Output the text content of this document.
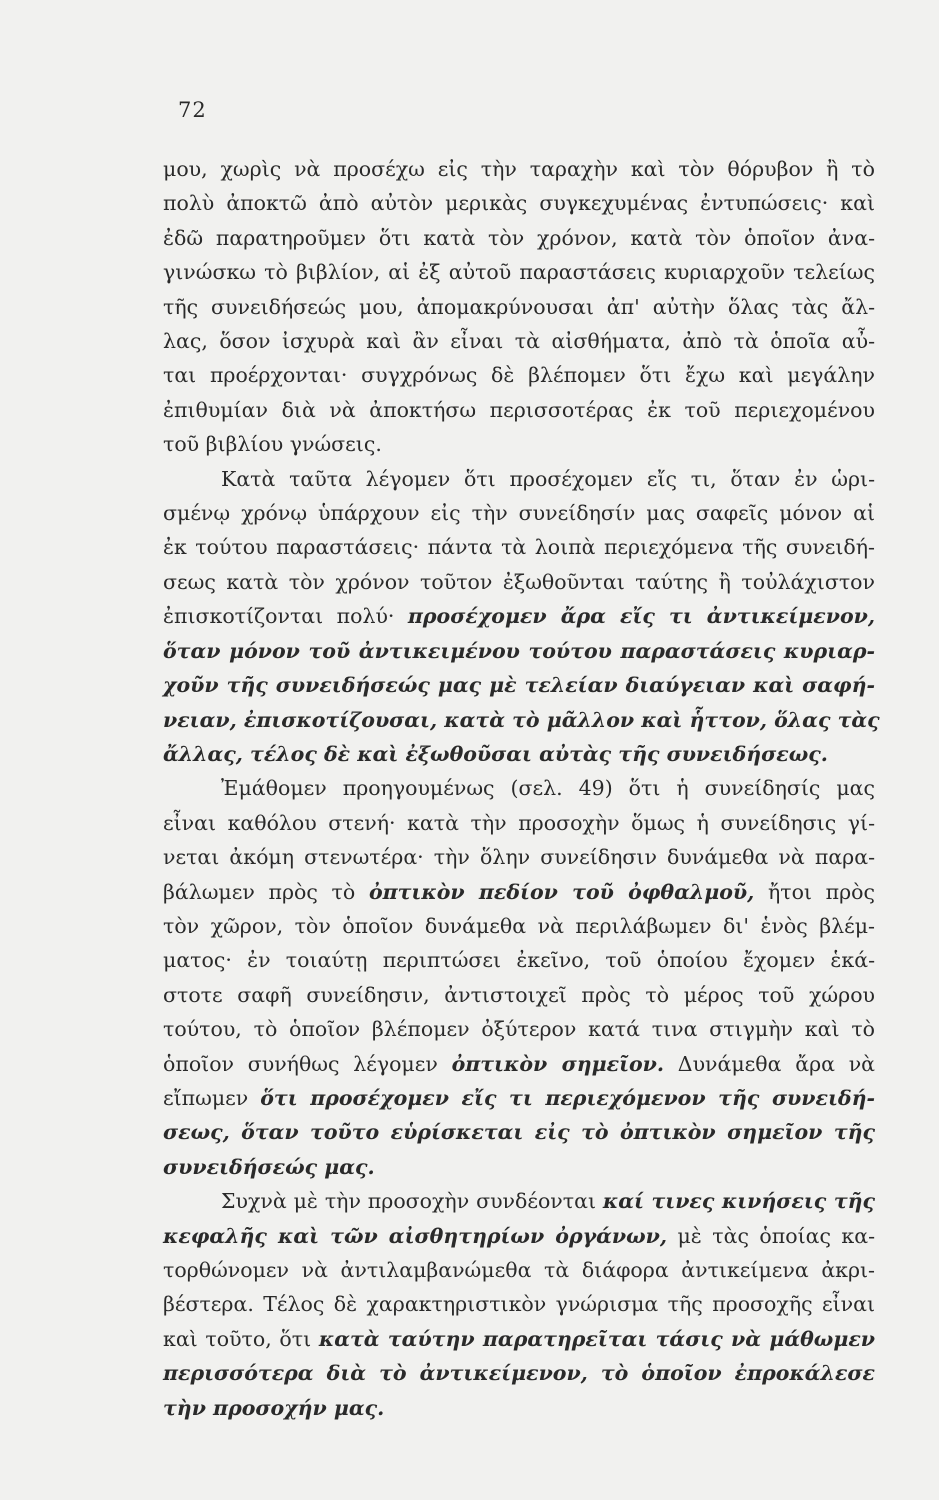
72
μου, χωρὶς νὰ προσέχω εἰς τὴν ταραχὴν καὶ τὸν θόρυβον ἢ τὸ
πολὺ ἀποκτῶ ἀπὸ αὐτὸν μερικὰς συγκεχυμένας ἐντυπώσεις· καὶ
ἐδῶ παρατηροῦμεν ὅτι κατὰ τὸν χρόνον, κατὰ τὸν ὁποῖον ἀνα-
γινώσκω τὸ βιβλίον, αἱ ἐξ αὐτοῦ παραστάσεις κυριαρχοῦν τελείως
τῆς συνειδήσεώς μου, ἀπομακρύνουσαι ἀπ' αὐτὴν ὅλας τὰς ἄλ-
λας, ὅσον ἰσχυρὰ καὶ ἂν εἶναι τὰ αἰσθήματα, ἀπὸ τὰ ὁποῖα αὖ-
ται προέρχονται· συγχρόνως δὲ βλέπομεν ὅτι ἔχω καὶ μεγάλην
ἐπιθυμίαν διὰ νὰ ἀποκτήσω περισσοτέρας ἐκ τοῦ περιεχομένου
τοῦ βιβλίου γνώσεις.
Κατὰ ταῦτα λέγομεν ὅτι προσέχομεν εἴς τι, ὅταν ἐν ὡρι-
σμένῳ χρόνῳ ὑπάρχουν εἰς τὴν συνείδησίν μας σαφεῖς μόνον αἱ
ἐκ τούτου παραστάσεις· πάντα τὰ λοιπὰ περιεχόμενα τῆς συνειδή-
σεως κατὰ τὸν χρόνον τοῦτον ἐξωθοῦνται ταύτης ἢ τοὐλάχιστον
ἐπισκοτίζονται πολύ· προσέχομεν ἄρα εἴς τι ἀντικείμενον,
ὅταν μόνον τοῦ ἀντικειμένου τούτου παραστάσεις κυριαρ-
χοῦν τῆς συνειδήσεώς μας μὲ τελείαν διαύγειαν καὶ σαφή-
νειαν, ἐπισκοτίζουσαι, κατὰ τὸ μᾶλλον καὶ ἧττον, ὅλας τὰς
ἄλλας, τέλος δὲ καὶ ἐξωθοῦσαι αὐτὰς τῆς συνειδήσεως.
Ἐμάθομεν προηγουμένως (σελ. 49) ὅτι ἡ συνείδησίς μας
εἶναι καθόλου στενή· κατὰ τὴν προσοχὴν ὅμως ἡ συνείδησις γί-
νεται ἀκόμη στενωτέρα· τὴν ὅλην συνείδησιν δυνάμεθα νὰ παρα-
βάλωμεν πρὸς τὸ ὀπτικὸν πεδίον τοῦ ὀφθαλμοῦ, ἤτοι πρὸς
τὸν χῶρον, τὸν ὁποῖον δυνάμεθα νὰ περιλάβωμεν δι' ἑνὸς βλέμ-
ματος· ἐν τοιαύτῃ περιπτώσει ἐκεῖνο, τοῦ ὁποίου ἔχομεν ἑκά-
στοτε σαφῆ συνείδησιν, ἀντιστοιχεῖ πρὸς τὸ μέρος τοῦ χώρου
τούτου, τὸ ὁποῖον βλέπομεν ὀξύτερον κατά τινα στιγμὴν καὶ τὸ
ὁποῖον συνήθως λέγομεν ὀπτικὸν σημεῖον. Δυνάμεθα ἄρα νὰ
εἴπωμεν ὅτι προσέχομεν εἴς τι περιεχόμενον τῆς συνειδή-
σεως, ὅταν τοῦτο εὑρίσκεται εἰς τὸ ὀπτικὸν σημεῖον τῆς
συνειδήσεώς μας.
Συχνὰ μὲ τὴν προσοχὴν συνδέονται καί τινες κινήσεις τῆς
κεφαλῆς καὶ τῶν αἰσθητηρίων ὀργάνων, μὲ τὰς ὁποίας κα-
τορθώνομεν νὰ ἀντιλαμβανώμεθα τὰ διάφορα ἀντικείμενα ἀκρι-
βέστερα. Τέλος δὲ χαρακτηριστικὸν γνώρισμα τῆς προσοχῆς εἶναι
καὶ τοῦτο, ὅτι κατὰ ταύτην παρατηρεῖται τάσις νὰ μάθωμεν
περισσότερα διὰ τὸ ἀντικείμενον, τὸ ὁποῖον ἐπροκάλεσε
τὴν προσοχήν μας.
